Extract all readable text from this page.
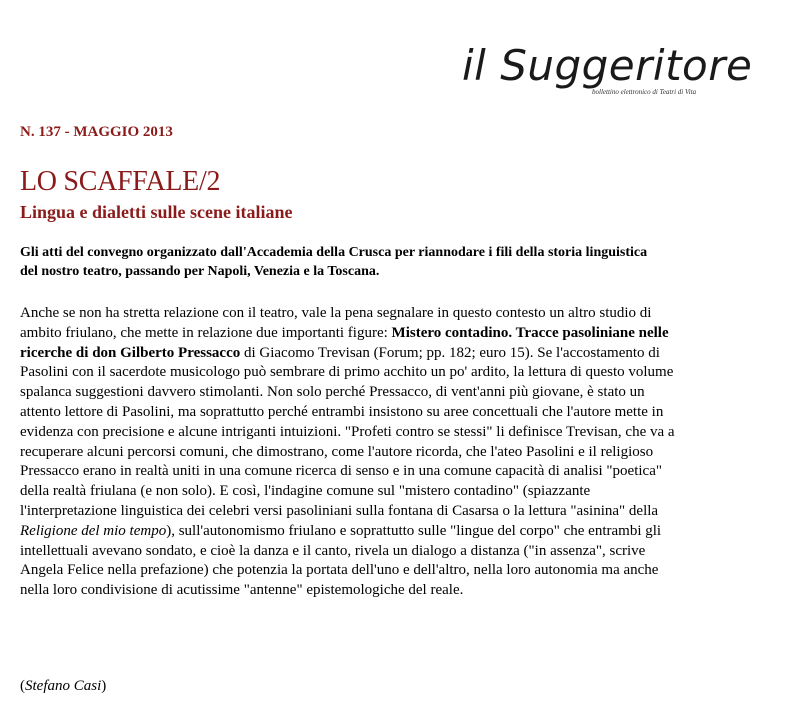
il Suggeritore
bollettino elettronico di Teatri di Vita
N. 137 - MAGGIO 2013
LO SCAFFALE/2
Lingua e dialetti sulle scene italiane

Gli atti del convegno organizzato dall'Accademia della Crusca per riannodare i fili della storia linguistica del nostro teatro, passando per Napoli, Venezia e la Toscana.

Anche se non ha stretta relazione con il teatro, vale la pena segnalare in questo contesto un altro studio di ambito friulano, che mette in relazione due importanti figure: Mistero contadino. Tracce pasoliniane nelle ricerche di don Gilberto Pressacco di Giacomo Trevisan (Forum; pp. 182; euro 15). Se l'accostamento di Pasolini con il sacerdote musicologo può sembrare di primo acchito un po' ardito, la lettura di questo volume spalanca suggestioni davvero stimolanti. Non solo perché Pressacco, di vent'anni più giovane, è stato un attento lettore di Pasolini, ma soprattutto perché entrambi insistono su aree concettuali che l'autore mette in evidenza con precisione e alcune intriganti intuizioni. "Profeti contro se stessi" li definisce Trevisan, che va a recuperare alcuni percorsi comuni, che dimostrano, come l'autore ricorda, che l'ateo Pasolini e il religioso Pressacco erano in realtà uniti in una comune ricerca di senso e in una comune capacità di analisi "poetica" della realtà friulana (e non solo). E così, l'indagine comune sul "mistero contadino" (spiazzante l'interpretazione linguistica dei celebri versi pasoliniani sulla fontana di Casarsa o la lettura "asinina" della Religione del mio tempo), sull'autonomismo friulano e soprattutto sulle "lingue del corpo" che entrambi gli intellettuali avevano sondato, e cioè la danza e il canto, rivela un dialogo a distanza ("in assenza", scrive Angela Felice nella prefazione) che potenzia la portata dell'uno e dell'altro, nella loro autonomia ma anche nella loro condivisione di acutissime "antenne" epistemologiche del reale.

(Stefano Casi)
